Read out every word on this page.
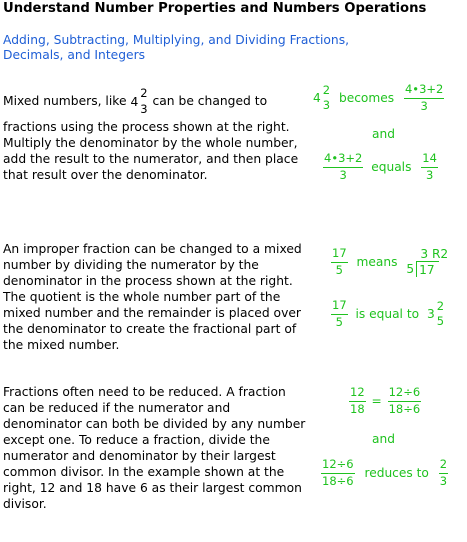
Understand Number Properties and Numbers Operations
Adding, Subtracting, Multiplying, and Dividing Fractions, Decimals, and Integers
Mixed numbers, like 4
2
3
can be changed to
fractions using the process shown at the right. Multiply the denominator by the whole number, add the result to the numerator, and then place that result over the denominator.
4
2
3
becomes $\frac{4•3+2}{3}$
and
$\frac{4•3+2}{3}$ equals $\frac{14}{3}$
An improper fraction can be changed to a mixed number by dividing the numerator by the denominator in the process shown at the right. The quotient is the whole number part of the mixed number and the remainder is placed over the denominator to create the fractional part of the mixed number.
$\frac{17}{5}$ means
3 R2
5 17
$\frac{17}{5}$ is equal to 3
2
5
Fractions often need to be reduced. A fraction can be reduced if the numerator and denominator can both be divided by any number except one. To reduce a fraction, divide the numerator and denominator by their largest common divisor. In the example shown at the right, 12 and 18 have 6 as their largest common divisor.
$\frac{12}{18} = \frac{12\div 6}{18\div 6}$
and
$\frac{12\div 6}{18\div 6}$ reduces to $\frac{2}{3}$
